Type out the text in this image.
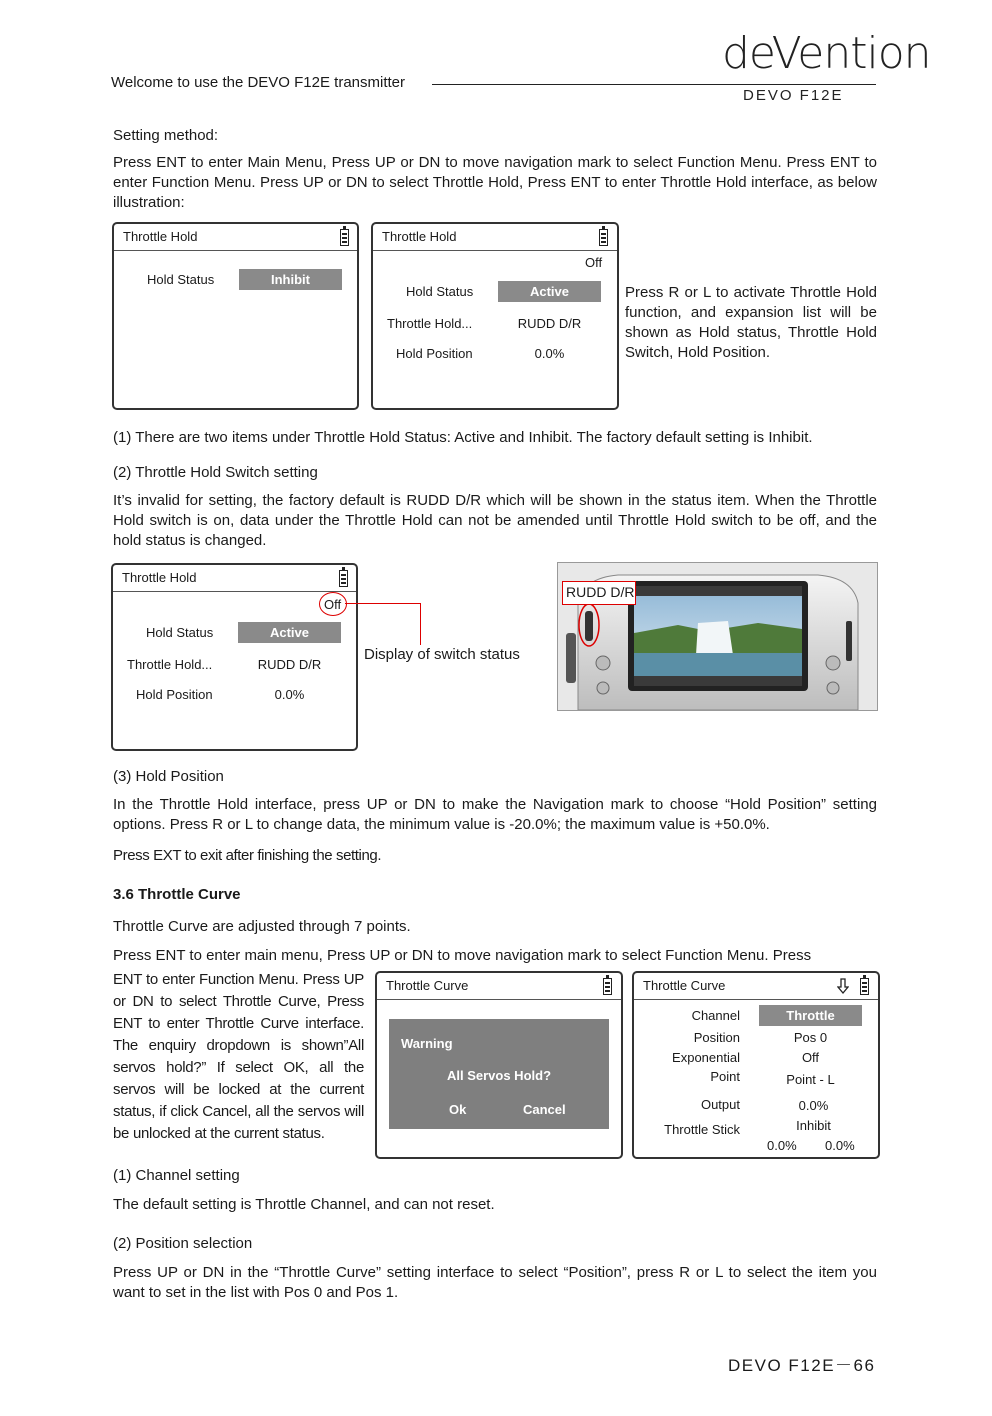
Welcome to use the DEVO F12E transmitter
deVention
DEVO F12E

Setting method:

Press ENT to enter Main Menu, Press UP or DN to move navigation mark to select Function Menu. Press ENT to enter Function Menu. Press UP or DN to select Throttle Hold, Press ENT to enter Throttle Hold interface, as below illustration:

Throttle Hold
Hold Status	Inhibit
Throttle Hold
Off
Hold Status	Active
Throttle Hold...	RUDD D/R
Hold Position	0.0%

Press R or L to activate Throttle Hold function, and expansion list will be shown as Hold status, Throttle Hold Switch, Hold Position.

(1) There are two items under Throttle Hold Status: Active and Inhibit. The factory default setting is Inhibit.

(2) Throttle Hold Switch setting

It’s invalid for setting, the factory default is RUDD D/R which will be shown in the status item. When the Throttle Hold switch is on, data under the Throttle Hold can not be amended until Throttle Hold switch to be off, and the hold status is changed.

Throttle Hold
Off
Hold Status	Active
Throttle Hold...	RUDD D/R
Hold Position	0.0%

Display of switch status

RUDD D/R

(3) Hold Position

In the Throttle Hold interface, press UP or DN to make the Navigation mark to choose “Hold Position” setting options. Press R or L to change data, the minimum value is -20.0%; the maximum value is +50.0%.

Press EXT to exit after finishing the setting.

3.6 Throttle Curve

Throttle Curve are adjusted through 7 points.

Press ENT to enter main menu, Press UP or DN to move navigation mark to select Function Menu. Press

ENT to enter Function Menu. Press UP or DN to select Throttle Curve, Press ENT to enter Throttle Curve interface. The enquiry dropdown is shown”All servos hold?” If select OK, all the servos will be locked at the current status, if click Cancel, all the servos will be unlocked at the current status.

Throttle Curve
Warning
All Servos Hold?
Ok	Cancel
Throttle Curve
Channel	Throttle
Position	Pos 0
Exponential	Off
Point	Point - L
Output	0.0%
Throttle Stick	Inhibit
0.0% 0.0%

(1) Channel setting

The default setting is Throttle Channel, and can not reset.

(2) Position selection

Press UP or DN in the “Throttle Curve” setting interface to select “Position”, press R or L to select the item you want to set in the list with Pos 0 and Pos 1.

DEVO F12E－66
